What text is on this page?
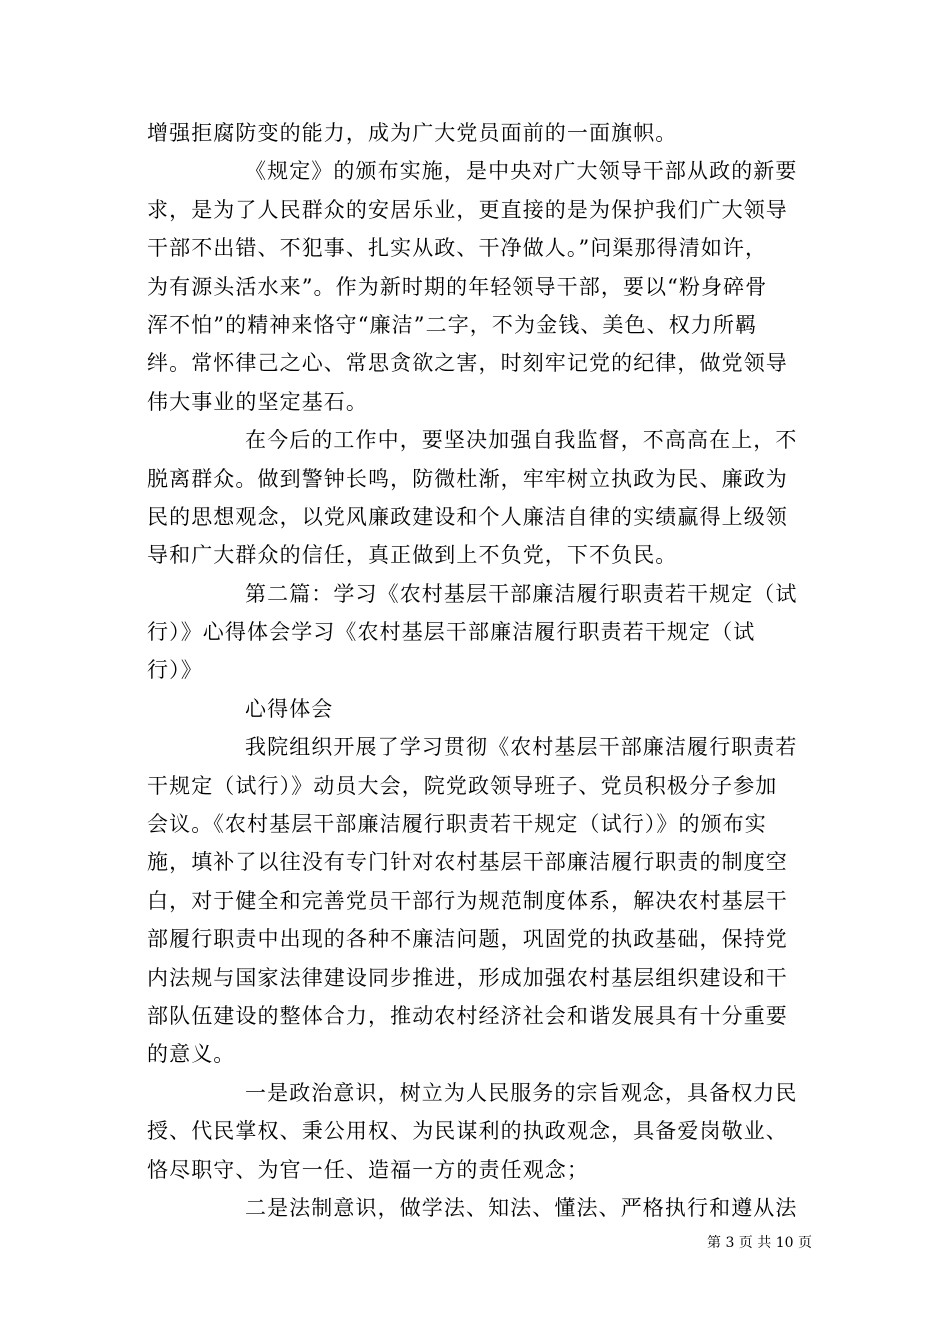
增强拒腐防变的能力，成为广大党员面前的一面旗帜。
《规定》的颁布实施，是中央对广大领导干部从政的新要
求，是为了人民群众的安居乐业，更直接的是为保护我们广大领导
干部不出错、不犯事、扎实从政、干净做人。”问渠那得清如许，
为有源头活水来”。作为新时期的年轻领导干部，要以“粉身碎骨
浑不怕”的精神来恪守“廉洁”二字，不为金钱、美色、权力所羁
绊。常怀律己之心、常思贪欲之害，时刻牢记党的纪律，做党领导
伟大事业的坚定基石。
在今后的工作中，要坚决加强自我监督，不高高在上，不
脱离群众。做到警钟长鸣，防微杜渐，牢牢树立执政为民、廉政为
民的思想观念，以党风廉政建设和个人廉洁自律的实绩赢得上级领
导和广大群众的信任，真正做到上不负党，下不负民。
第二篇：学习《农村基层干部廉洁履行职责若干规定（试
行）》心得体会学习《农村基层干部廉洁履行职责若干规定（试
行）》
心得体会
我院组织开展了学习贯彻《农村基层干部廉洁履行职责若
干规定（试行）》动员大会，院党政领导班子、党员积极分子参加
会议。《农村基层干部廉洁履行职责若干规定（试行）》的颁布实
施，填补了以往没有专门针对农村基层干部廉洁履行职责的制度空
白，对于健全和完善党员干部行为规范制度体系，解决农村基层干
部履行职责中出现的各种不廉洁问题，巩固党的执政基础，保持党
内法规与国家法律建设同步推进，形成加强农村基层组织建设和干
部队伍建设的整体合力，推动农村经济社会和谐发展具有十分重要
的意义。
一是政治意识，树立为人民服务的宗旨观念，具备权力民
授、代民掌权、秉公用权、为民谋利的执政观念，具备爱岗敬业、
恪尽职守、为官一任、造福一方的责任观念；
二是法制意识，做学法、知法、懂法、严格执行和遵从法
第 3 页 共 10 页
